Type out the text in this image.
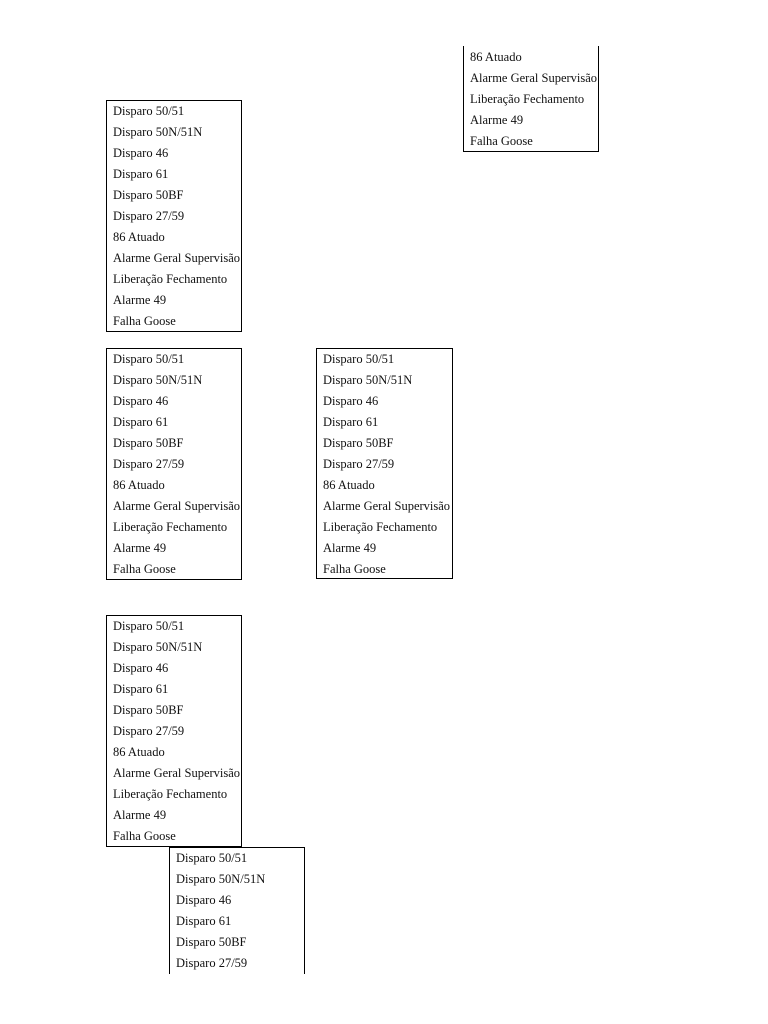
86 Atuado
Alarme Geral Supervisão
Liberação Fechamento
Alarme 49
Falha Goose
Disparo 50/51
Disparo 50N/51N
Disparo 46
Disparo 61
Disparo 50BF
Disparo 27/59
86 Atuado
Alarme Geral Supervisão
Liberação Fechamento
Alarme 49
Falha Goose
Disparo 50/51
Disparo 50N/51N
Disparo 46
Disparo 61
Disparo 50BF
Disparo 27/59
86 Atuado
Alarme Geral Supervisão
Liberação Fechamento
Alarme 49
Falha Goose
Disparo 50/51
Disparo 50N/51N
Disparo 46
Disparo 61
Disparo 50BF
Disparo 27/59
86 Atuado
Alarme Geral Supervisão
Liberação Fechamento
Alarme 49
Falha Goose
Disparo 50/51
Disparo 50N/51N
Disparo 46
Disparo 61
Disparo 50BF
Disparo 27/59
86 Atuado
Alarme Geral Supervisão
Liberação Fechamento
Alarme 49
Falha Goose
Disparo 50/51
Disparo 50N/51N
Disparo 46
Disparo 61
Disparo 50BF
Disparo 27/59
